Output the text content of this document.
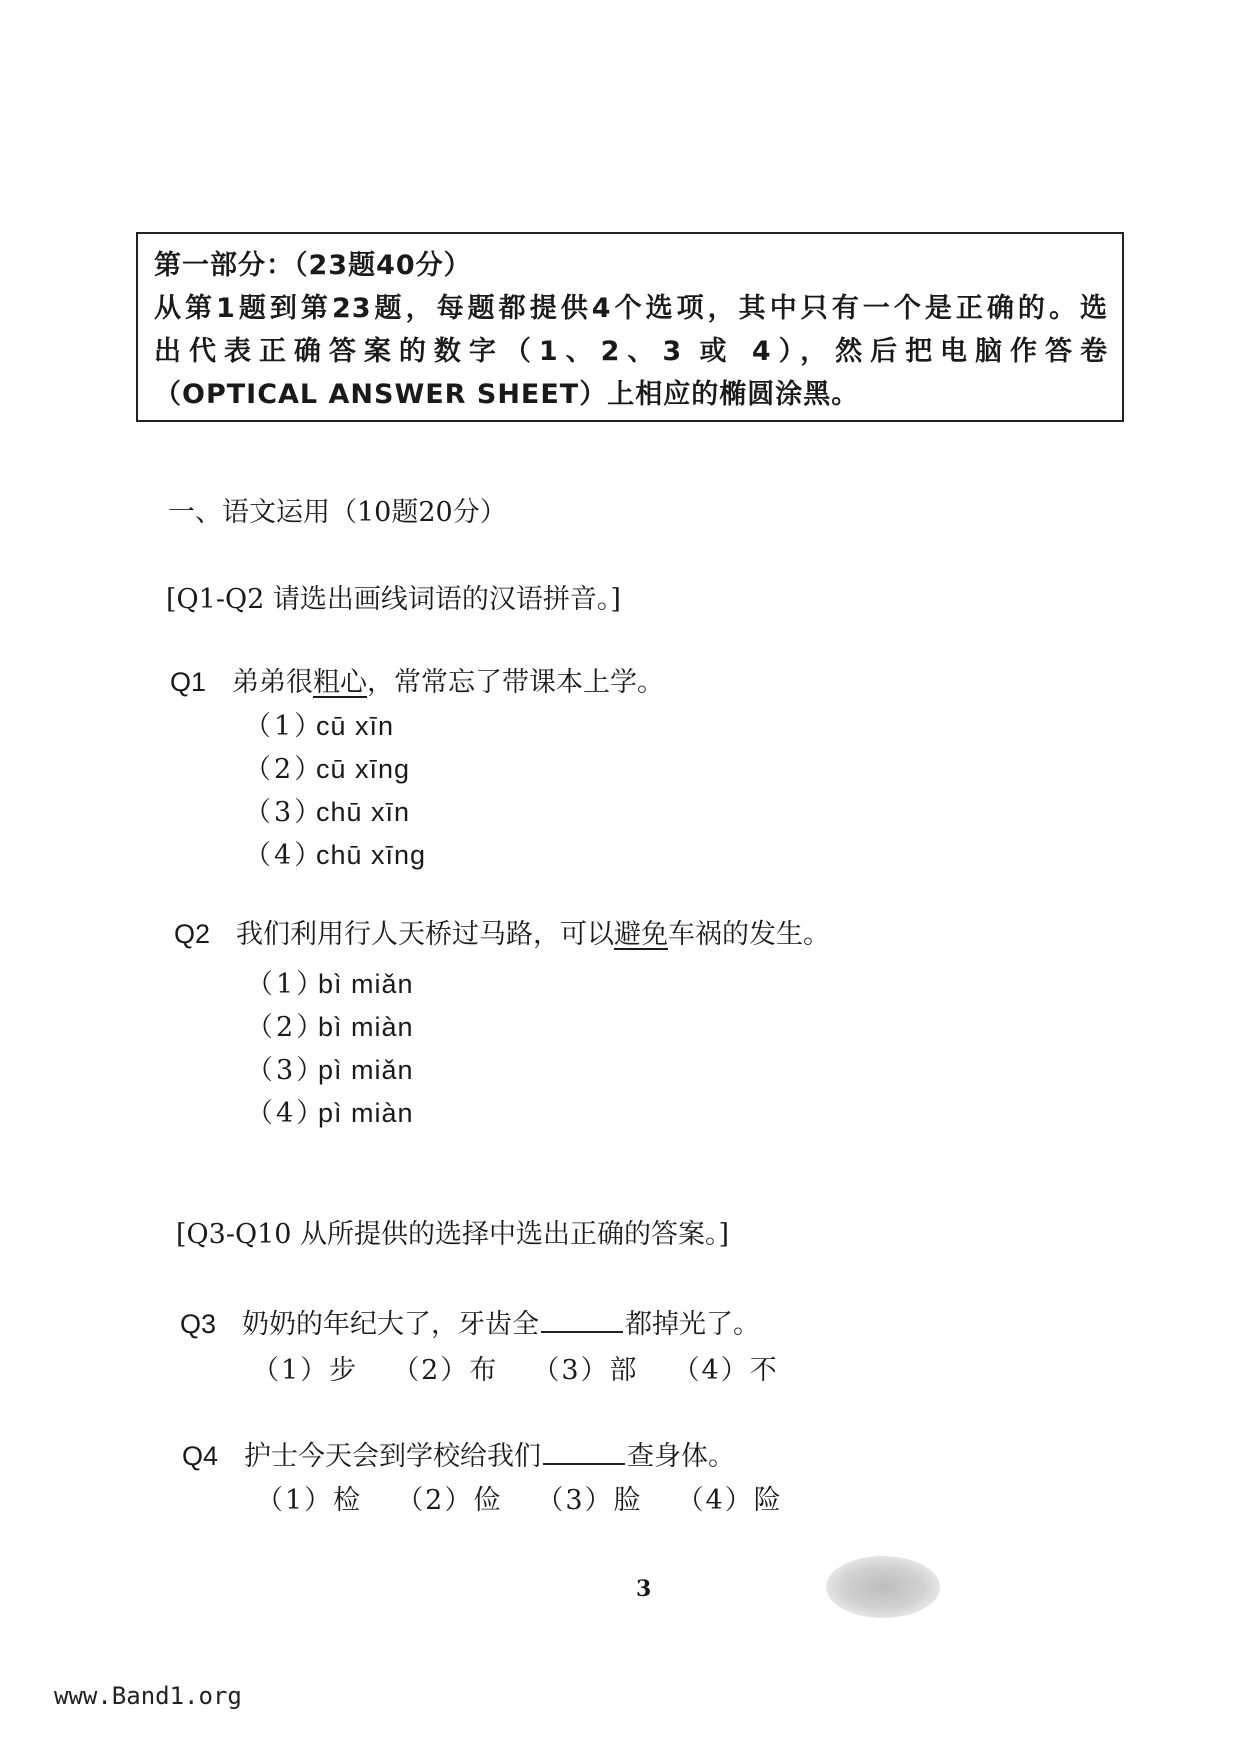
第一部分：（23题40分）
从第1题到第23题，每题都提供4个选项，其中只有一个是正确的。选
出代表正确答案的数字（1、2、3 或 4），然后把电脑作答卷
（OPTICAL ANSWER SHEET）上相应的椭圆涂黑。
一、语文运用（10题20分）
[Q1-Q2 请选出画线词语的汉语拼音。]
Q1 弟弟很粗心，常常忘了带课本上学。
（1）cū xīn
（2）cū xīng
（3）chū xīn
（4）chū xīng
Q2 我们利用行人天桥过马路，可以避免车祸的发生。
（1）bì miǎn
（2）bì miàn
（3）pì miǎn
（4）pì miàn
[Q3-Q10 从所提供的选择中选出正确的答案。]
Q3 奶奶的年纪大了，牙齿全	都掉光了。
（1）步 （2）布 （3）部 （4）不
Q4 护士今天会到学校给我们	查身体。
（1）检 （2）俭 （3）脸 （4）险
3
www.Band1.org
